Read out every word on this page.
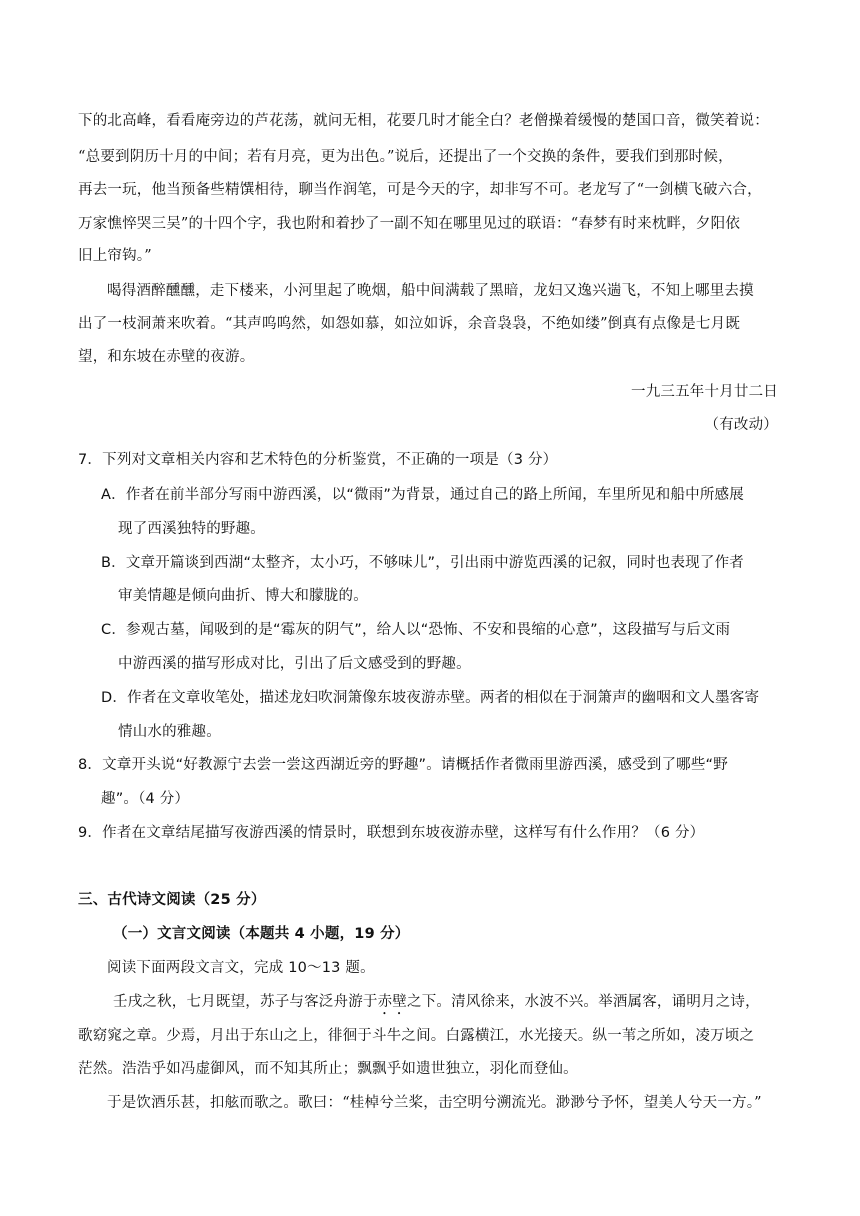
下的北高峰，看看庵旁边的芦花荡，就问无相，花要几时才能全白？老僧操着缓慢的楚国口音，微笑着说：
“总要到阴历十月的中间；若有月亮，更为出色。”说后，还提出了一个交换的条件，要我们到那时候，
再去一玩，他当预备些精馔相待，聊当作润笔，可是今天的字，却非写不可。老龙写了“一剑横飞破六合，
万家憔悴哭三吴”的十四个字，我也附和着抄了一副不知在哪里见过的联语：“春梦有时来枕畔，夕阳依
旧上帘钩。”
喝得酒醉醺醺，走下楼来，小河里起了晚烟，船中间满载了黑暗，龙妇又逸兴遄飞，不知上哪里去摸
出了一枝洞萧来吹着。“其声呜呜然，如怨如慕，如泣如诉，余音袅袅，不绝如缕”倒真有点像是七月既
望，和东坡在赤壁的夜游。
一九三五年十月廿二日
（有改动）
7．下列对文章相关内容和艺术特色的分析鉴赏，不正确的一项是（3 分）
A．作者在前半部分写雨中游西溪，以“微雨”为背景，通过自己的路上所闻，车里所见和船中所感展
现了西溪独特的野趣。
B．文章开篇谈到西湖“太整齐，太小巧，不够味儿”，引出雨中游览西溪的记叙，同时也表现了作者
审美情趣是倾向曲折、博大和朦胧的。
C．参观古墓，闻吸到的是“霉灰的阴气”，给人以“恐怖、不安和畏缩的心意”，这段描写与后文雨
中游西溪的描写形成对比，引出了后文感受到的野趣。
D．作者在文章收笔处，描述龙妇吹洞箫像东坡夜游赤壁。两者的相似在于洞箫声的幽咽和文人墨客寄
情山水的雅趣。
8．文章开头说“好教源宁去尝一尝这西湖近旁的野趣”。请概括作者微雨里游西溪，感受到了哪些“野
趣”。（4 分）
9．作者在文章结尾描写夜游西溪的情景时，联想到东坡夜游赤壁，这样写有什么作用？（6 分）
三、古代诗文阅读（25 分）
（一）文言文阅读（本题共 4 小题，19 分）
阅读下面两段文言文，完成 10～13 题。
壬戌之秋，七月既望，苏子与客泛舟游于赤壁之下。清风徐来，水波不兴。举酒属客，诵明月之诗，
歌窈窕之章。少焉，月出于东山之上，徘徊于斗牛之间。白露横江，水光接天。纵一苇之所如，凌万顷之
茫然。浩浩乎如冯虚御风，而不知其所止；飘飘乎如遗世独立，羽化而登仙。
于是饮酒乐甚，扣舷而歌之。歌曰：“桂棹兮兰桨，击空明兮溯流光。渺渺兮予怀，望美人兮天一方。”
